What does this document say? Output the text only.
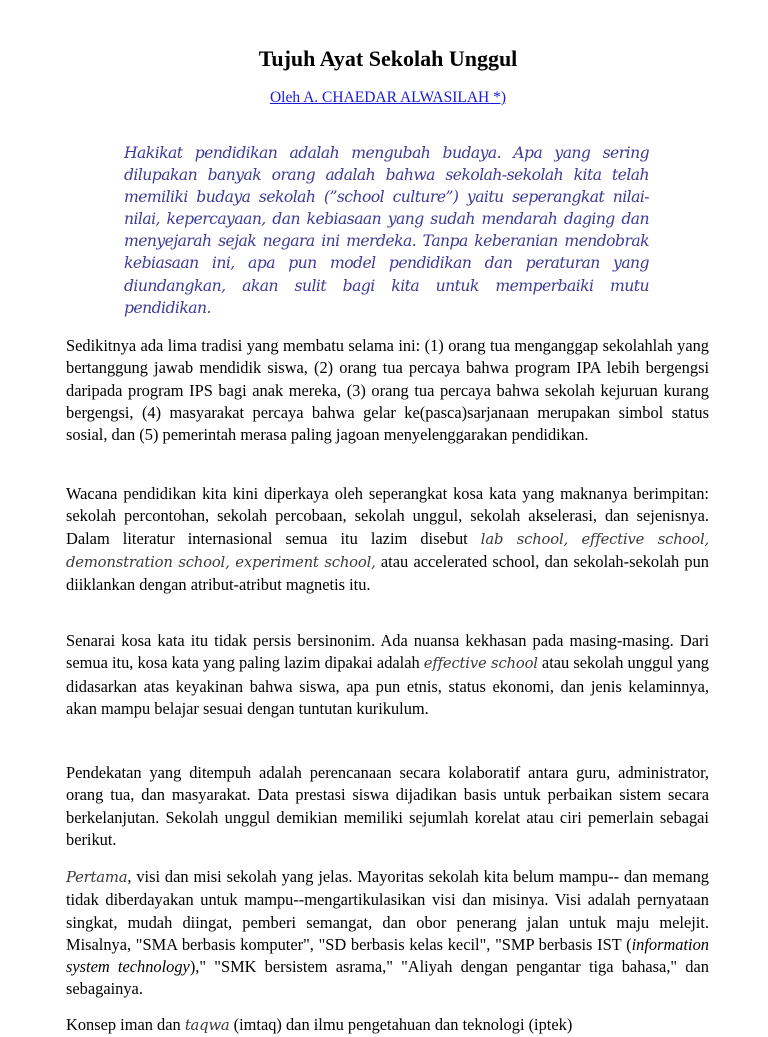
Tujuh Ayat Sekolah Unggul
Oleh A. CHAEDAR ALWASILAH *)
Hakikat pendidikan adalah mengubah budaya. Apa yang sering dilupakan banyak orang adalah bahwa sekolah-sekolah kita telah memiliki budaya sekolah (”school culture”) yaitu seperangkat nilai-nilai, kepercayaan, dan kebiasaan yang sudah mendarah daging dan menyejarah sejak negara ini merdeka. Tanpa keberanian mendobrak kebiasaan ini, apa pun model pendidikan dan peraturan yang diundangkan, akan sulit bagi kita untuk memperbaiki mutu pendidikan.
Sedikitnya ada lima tradisi yang membatu selama ini: (1) orang tua menganggap sekolahlah yang bertanggung jawab mendidik siswa, (2) orang tua percaya bahwa program IPA lebih bergengsi daripada program IPS bagi anak mereka, (3) orang tua percaya bahwa sekolah kejuruan kurang bergengsi, (4) masyarakat percaya bahwa gelar ke(pasca)sarjanaan merupakan simbol status sosial, dan (5) pemerintah merasa paling jagoan menyelenggarakan pendidikan.
Wacana pendidikan kita kini diperkaya oleh seperangkat kosa kata yang maknanya berimpitan: sekolah percontohan, sekolah percobaan, sekolah unggul, sekolah akselerasi, dan sejenisnya. Dalam literatur internasional semua itu lazim disebut lab school, effective school, demonstration school, experiment school, atau accelerated school, dan sekolah-sekolah pun diiklankan dengan atribut-atribut magnetis itu.
Senarai kosa kata itu tidak persis bersinonim. Ada nuansa kekhasan pada masing-masing. Dari semua itu, kosa kata yang paling lazim dipakai adalah effective school atau sekolah unggul yang didasarkan atas keyakinan bahwa siswa, apa pun etnis, status ekonomi, dan jenis kelaminnya, akan mampu belajar sesuai dengan tuntutan kurikulum.
Pendekatan yang ditempuh adalah perencanaan secara kolaboratif antara guru, administrator, orang tua, dan masyarakat. Data prestasi siswa dijadikan basis untuk perbaikan sistem secara berkelanjutan. Sekolah unggul demikian memiliki sejumlah korelat atau ciri pemerlain sebagai berikut.
Pertama, visi dan misi sekolah yang jelas. Mayoritas sekolah kita belum mampu-- dan memang tidak diberdayakan untuk mampu--mengartikulasikan visi dan misinya. Visi adalah pernyataan singkat, mudah diingat, pemberi semangat, dan obor penerang jalan untuk maju melejit. Misalnya, "SMA berbasis komputer", "SD berbasis kelas kecil", "SMP berbasis IST (information system technology)," "SMK bersistem asrama," "Aliyah dengan pengantar tiga bahasa," dan sebagainya.
Konsep iman dan taqwa (imtaq) dan ilmu pengetahuan dan teknologi (iptek)
